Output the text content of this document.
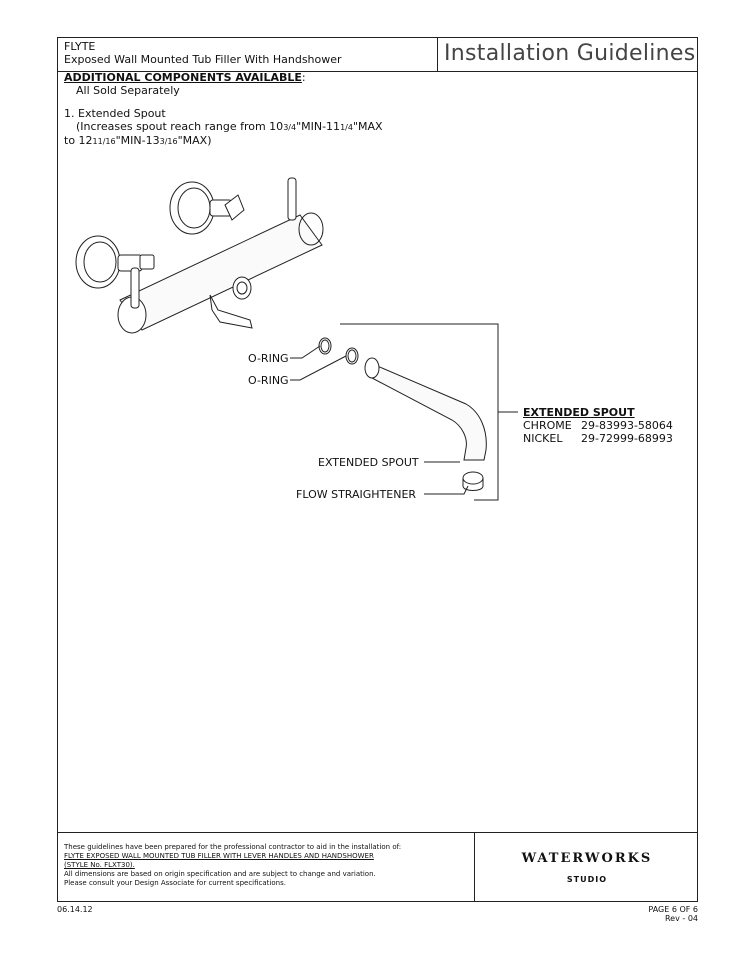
FLYTE
Exposed Wall Mounted Tub Filler With Handshower	Installation Guidelines
ADDITIONAL COMPONENTS AVAILABLE:
All Sold Separately
1. Extended Spout
(Increases spout reach range from 103/4"MIN-111/4"MAX
to 1211/16"MIN-133/16"MAX)
These guidelines have been prepared for the professional contractor to aid in the installation of:
FLYTE EXPOSED WALL MOUNTED TUB FILLER WITH LEVER HANDLES AND HANDSHOWER
(STYLE No. FLXT30).
All dimensions are based on origin specification and are subject to change and variation.
Please consult your Design Associate for current specifications.
WATERWORKS
STUDIO
O-RING
O-RING
EXTENDED SPOUT
FLOW STRAIGHTENER
EXTENDED SPOUT
CHROME 29-83993-58064
NICKEL 29-72999-68993
06.14.12	PAGE 6 OF 6
Rev - 04
